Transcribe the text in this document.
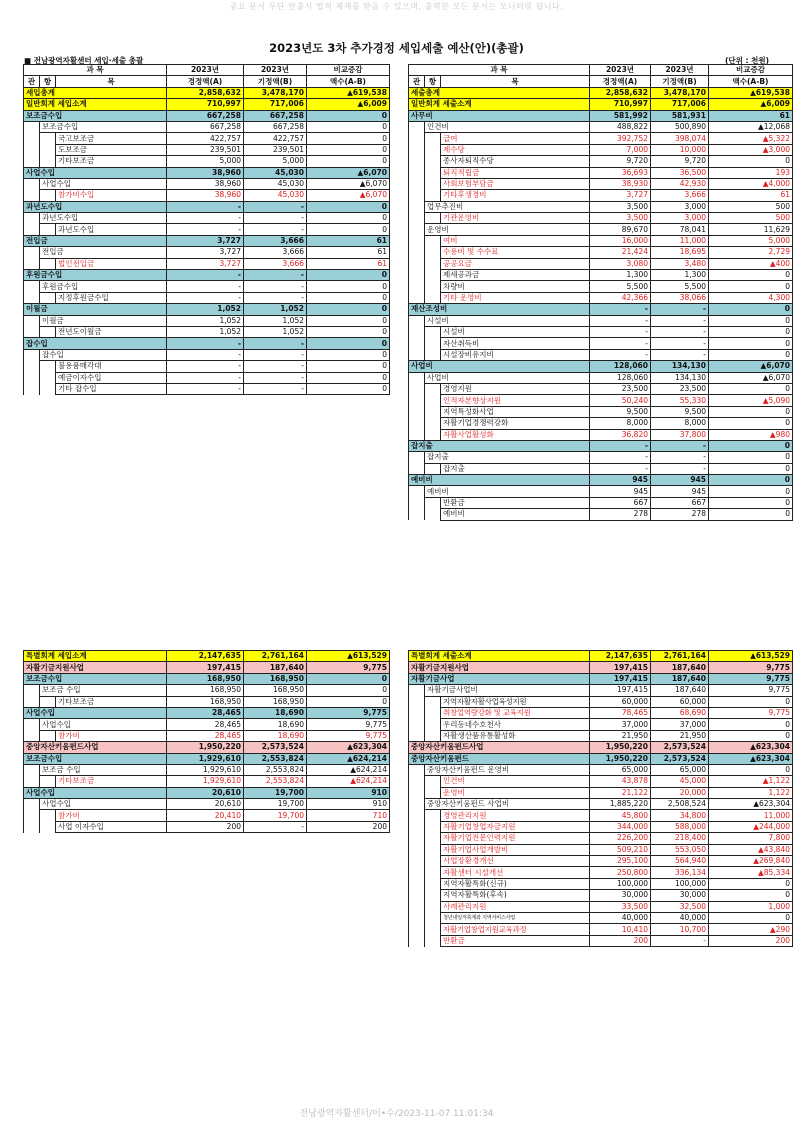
중요 문서 무단 반출시 법적 제재를 받을 수 있으며, 출력한 모든 문서는 모니터링 됩니다.
2023년도 3차 추가경정 세입세출 예산(안)(총괄)
■ 전남광역자활센터 세입·세출 총괄	(단위 : 천원)
과 목			2023년	2023년	비교증감
관	항	목	경정액(A)	기정액(B)	액수(A-B)
세입총계			2,858,632	3,478,170	▲619,538
일반회계 세입소계			710,997	717,006	▲6,009
보조금수입			667,258	667,258	0
	보조금수입		667,258	667,258	0
		국고보조금	422,757	422,757	0
		도보조금	239,501	239,501	0
		기타보조금	5,000	5,000	0
사업수입			38,960	45,030	▲6,070
	사업수입		38,960	45,030	▲6,070
		참가비수입	38,960	45,030	▲6,070
과년도수입			-	-	0
	과년도수입		-	-	0
		과년도수입	-	-	0
전입금			3,727	3,666	61
	전입금		3,727	3,666	61
		법인전입금	3,727	3,666	61
후원금수입			-	-	0
	후원금수입		-	-	0
		지정후원금수입	-	-	0
이월금			1,052	1,052	0
	이월금		1,052	1,052	0
		전년도이월금	1,052	1,052	0
잡수입			-	-	0
	잡수입		-	-	0
		불용품매각대	-	-	0
		예금이자수입	-	-	0
		기타 잡수입	-	-	0
과 목			2023년	2023년	비교증감
관	항	목	경정액(A)	기정액(B)	액수(A-B)
세출총계			2,858,632	3,478,170	▲619,538
일반회계 세출소계			710,997	717,006	▲6,009
사무비			581,992	581,931	61
	인건비		488,822	500,890	▲12,068
		급여	392,752	398,074	▲5,322
		제수당	7,000	10,000	▲3,000
		종사자퇴직수당	9,720	9,720	0
		퇴직적립금	36,693	36,500	193
		사회보험부담금	38,930	42,930	▲4,000
		기타후생경비	3,727	3,666	61
	업무추진비		3,500	3,000	500
		기관운영비	3,500	3,000	500
	운영비		89,670	78,041	11,629
		여비	16,000	11,000	5,000
		수용비 및 수수료	21,424	18,695	2,729
		공공요금	3,080	3,480	▲400
		제세공과금	1,300	1,300	0
		차량비	5,500	5,500	0
		기타 운영비	42,366	38,066	4,300
재산조성비			-	-	0
	시설비		-	-	0
		시설비	-	-	0
		자산취득비	-	-	0
		시설장비유지비	-	-	0
사업비			128,060	134,130	▲6,070
	사업비		128,060	134,130	▲6,070
		경영지원	23,500	23,500	0
		인적자본향상지원	50,240	55,330	▲5,090
		지역특성화사업	9,500	9,500	0
		자활기업경쟁력강화	8,000	8,000	0
		자활사업활성화	36,820	37,800	▲980
잡지출			-	-	0
	잡지출		-	-	0
		잡지출	-	-	0
예비비			945	945	0
	예비비		945	945	0
		반환금	667	667	0
		예비비	278	278	0
특별회계 세입소계			2,147,635	2,761,164	▲613,529
자활기금지원사업			197,415	187,640	9,775
보조금수입			168,950	168,950	0
	보조금 수입		168,950	168,950	0
		기타보조금	168,950	168,950	0
사업수입			28,465	18,690	9,775
	사업수입		28,465	18,690	9,775
		참가비	28,465	18,690	9,775
중앙자산키움펀드사업			1,950,220	2,573,524	▲623,304
보조금수입			1,929,610	2,553,824	▲624,214
	보조금 수입		1,929,610	2,553,824	▲624,214
		기타보조금	1,929,610	2,553,824	▲624,214
사업수입			20,610	19,700	910
	사업수입		20,610	19,700	910
		참가비	20,410	19,700	710
		사업 이자수입	200	-	200
특별회계 세출소계			2,147,635	2,761,164	▲613,529
자활기금지원사업			197,415	187,640	9,775
자활기금사업			197,415	187,640	9,775
	자활기금사업비		197,415	187,640	9,775
		지역자활자활사업육성지원	60,000	60,000	0
		취창업역량강화 및 교육지원	78,465	68,690	9,775
		우리동네수호천사	37,000	37,000	0
		자활생산품유통활성화	21,950	21,950	0
중앙자산키움펀드사업			1,950,220	2,573,524	▲623,304
중앙자산키움펀드			1,950,220	2,573,524	▲623,304
	중앙자산키움펀드 운영비		65,000	65,000	0
		인건비	43,878	45,000	▲1,122
		운영비	21,122	20,000	1,122
	중앙자산키움펀드 사업비		1,885,220	2,508,524	▲623,304
		경영관리지원	45,800	34,800	11,000
		자활기업창업자금지원	344,000	588,000	▲244,000
		자활기업전문인력지원	226,200	218,400	7,800
		자활기업사업개발비	509,210	553,050	▲43,840
		사업장환경개선	295,100	564,940	▲269,840
		자활센터 시설개선	250,800	336,134	▲85,334
		지역자활특화(신규)	100,000	100,000	0
		지역자활특화(후속)	30,000	30,000	0
		사례관리지원	33,500	32,500	1,000
		청년내일저축계좌 지역서비스사업	40,000	40,000	0
		자활기업창업지원교육과정	10,410	10,700	▲290
		반환금	200	-	200
전남광역자활센터/이•수/2023-11-07 11:01:34
